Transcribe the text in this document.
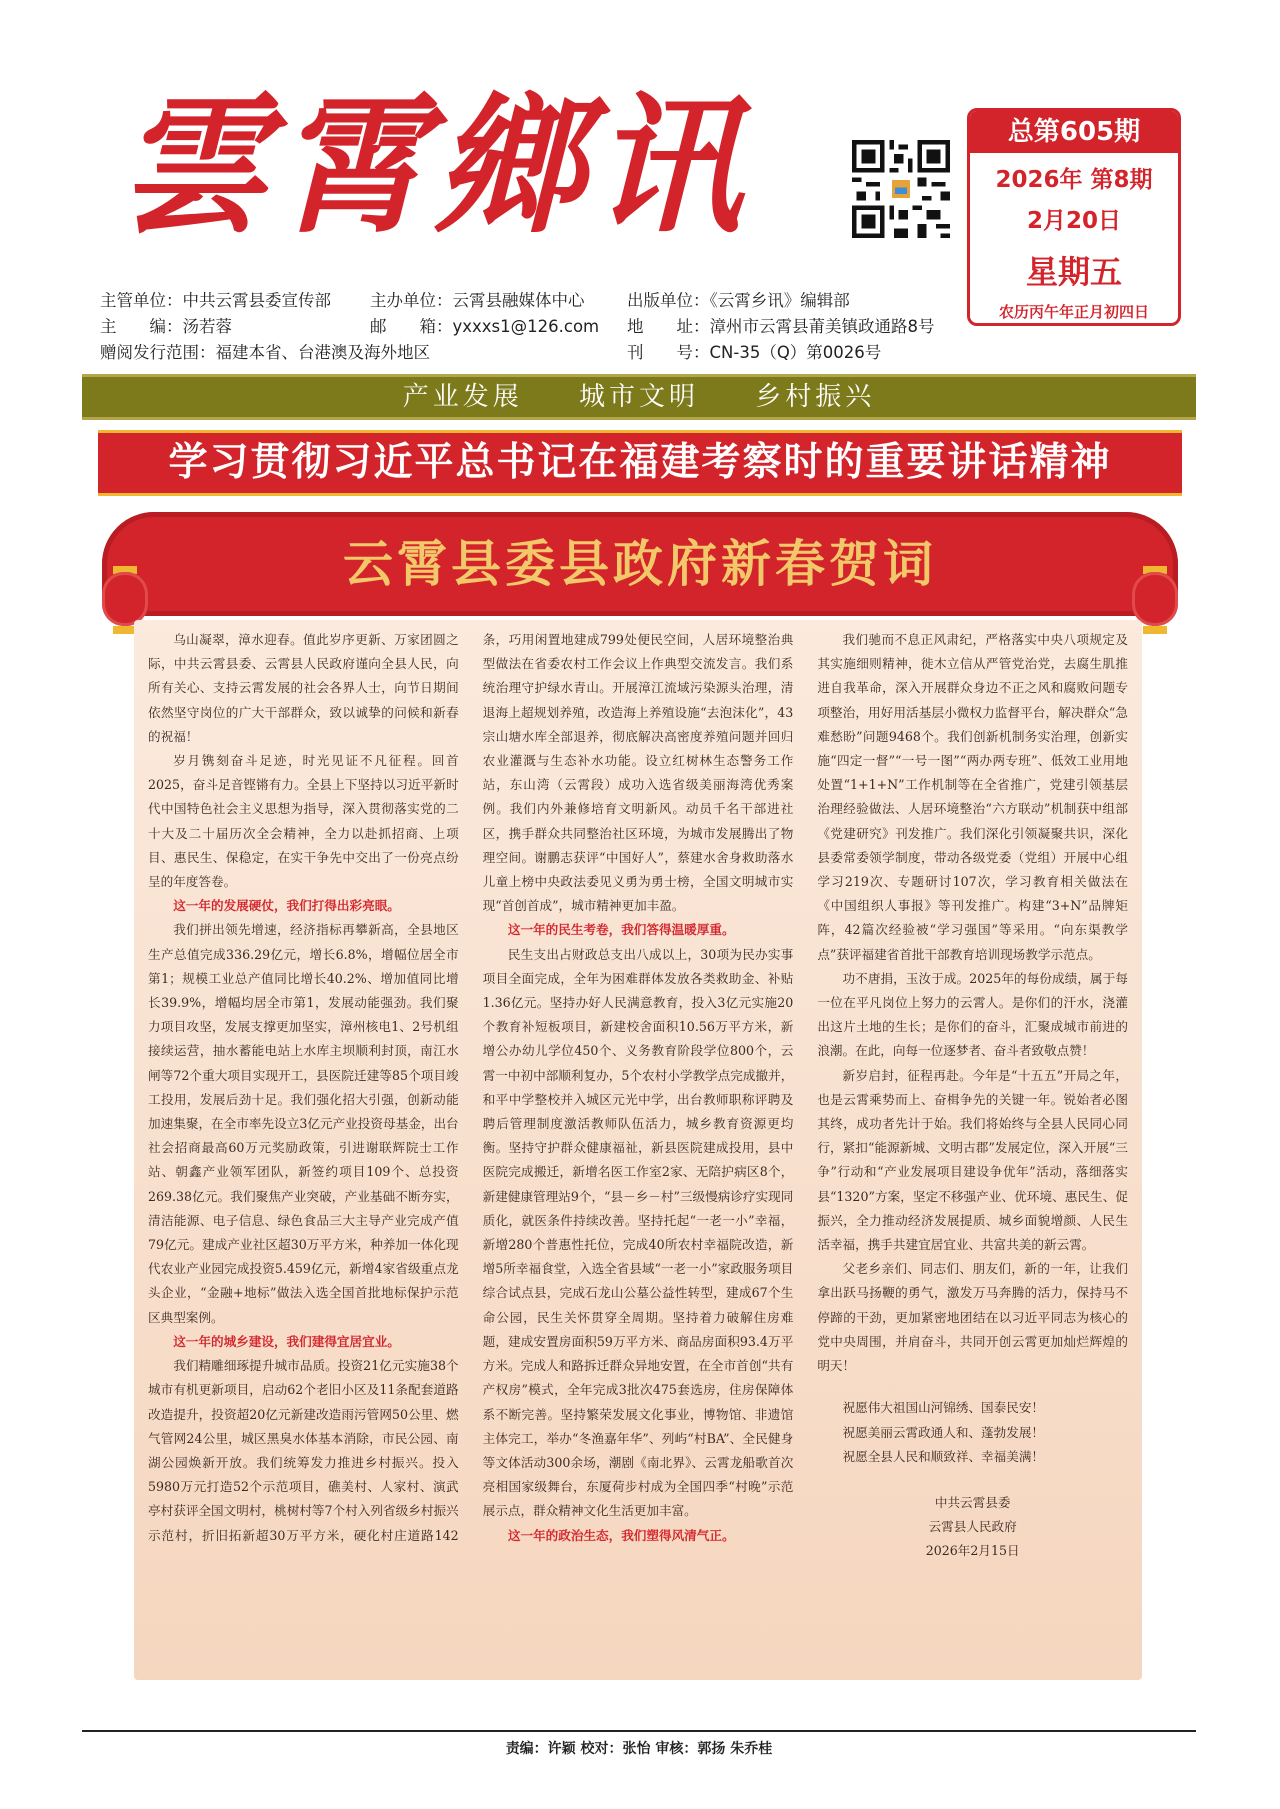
雲霄鄉讯	总第605期
2026年 第8期
2月20日
星期五
农历丙午年正月初四日
主管单位：中共云霄县委宣传部 主办单位：云霄县融媒体中心	出版单位：《云霄乡讯》编辑部
主　　编：汤若蓉	邮　　箱：yxxxs1@126.com 地　　址：漳州市云霄县莆美镇政通路8号
赠阅发行范围：福建本省、台港澳及海外地区	刊　　号：CN-35（Q）第0026号
产业发展 城市文明 乡村振兴
学习贯彻习近平总书记在福建考察时的重要讲话精神
云霄县委县政府新春贺词

乌山凝翠，漳水迎春。值此岁序更新、万家团圆之际，中共云霄县委、云霄县人民政府谨向全县人民，向所有关心、支持云霄发展的社会各界人士，向节日期间依然坚守岗位的广大干部群众，致以诚挚的问候和新春的祝福！

岁月镌刻奋斗足迹，时光见证不凡征程。回首2025，奋斗足音铿锵有力。全县上下坚持以习近平新时代中国特色社会主义思想为指导，深入贯彻落实党的二十大及二十届历次全会精神，全力以赴抓招商、上项目、惠民生、保稳定，在实干争先中交出了一份亮点纷呈的年度答卷。

这一年的发展硬仗，我们打得出彩亮眼。

我们拼出领先增速，经济指标再攀新高，全县地区生产总值完成336.29亿元，增长6.8%，增幅位居全市第1；规模工业总产值同比增长40.2%、增加值同比增长39.9%，增幅均居全市第1，发展动能强劲。我们聚力项目攻坚，发展支撑更加坚实，漳州核电1、2号机组接续运营，抽水蓄能电站上水库主坝顺利封顶，南江水闸等72个重大项目实现开工，县医院迁建等85个项目竣工投用，发展后劲十足。我们强化招大引强，创新动能加速集聚，在全市率先设立3亿元产业投资母基金，出台社会招商最高60万元奖励政策，引进谢联辉院士工作站、朝鑫产业领军团队，新签约项目109个、总投资269.38亿元。我们聚焦产业突破，产业基础不断夯实，清洁能源、电子信息、绿色食品三大主导产业完成产值79亿元。建成产业社区超30万平方米，种养加一体化现代农业产业园完成投资5.459亿元，新增4家省级重点龙头企业，“金融+地标”做法入选全国首批地标保护示范区典型案例。

这一年的城乡建设，我们建得宜居宜业。

我们精雕细琢提升城市品质。投资21亿元实施38个城市有机更新项目，启动62个老旧小区及11条配套道路改造提升，投资超20亿元新建改造雨污管网50公里、燃气管网24公里，城区黑臭水体基本消除，市民公园、南湖公园焕新开放。我们统筹发力推进乡村振兴。投入5980万元打造52个示范项目，礁美村、人家村、演武亭村获评全国文明村，桃树村等7个村入列省级乡村振兴示范村，折旧拓新超30万平方米，硬化村庄道路142条，巧用闲置地建成799处便民空间，人居环境整治典型做法在省委农村工作会议上作典型交流发言。我们系统治理守护绿水青山。开展漳江流域污染源头治理，清退海上超规划养殖，改造海上养殖设施“去泡沫化”，43宗山塘水库全部退养，彻底解决高密度养殖问题并回归农业灌溉与生态补水功能。设立红树林生态警务工作站，东山湾（云霄段）成功入选省级美丽海湾优秀案例。我们内外兼修培育文明新风。动员千名干部进社区，携手群众共同整治社区环境，为城市发展腾出了物理空间。谢鹏志获评“中国好人”，蔡建水舍身救助落水儿童上榜中央政法委见义勇为勇士榜，全国文明城市实现“首创首成”，城市精神更加丰盈。

这一年的民生考卷，我们答得温暖厚重。

民生支出占财政总支出八成以上，30项为民办实事项目全面完成，全年为困难群体发放各类救助金、补贴1.36亿元。坚持办好人民满意教育，投入3亿元实施20个教育补短板项目，新建校舍面积10.56万平方米，新增公办幼儿学位450个、义务教育阶段学位800个，云霄一中初中部顺利复办，5个农村小学教学点完成撤并，和平中学整校并入城区元光中学，出台教师职称评聘及聘后管理制度激活教师队伍活力，城乡教育资源更均衡。坚持守护群众健康福祉，新县医院建成投用，县中医院完成搬迁，新增名医工作室2家、无陪护病区8个，新建健康管理站9个，“县－乡－村”三级慢病诊疗实现同质化，就医条件持续改善。坚持托起“一老一小”幸福，新增280个普惠性托位，完成40所农村幸福院改造，新增5所幸福食堂，入选全省县域“一老一小”家政服务项目综合试点县，完成石龙山公墓公益性转型，建成67个生命公园，民生关怀贯穿全周期。坚持着力破解住房难题，建成安置房面积59万平方米、商品房面积93.4万平方米。完成人和路拆迁群众异地安置，在全市首创“共有产权房”模式，全年完成3批次475套选房，住房保障体系不断完善。坚持繁荣发展文化事业，博物馆、非遗馆主体完工，举办“冬渔嘉年华”、列屿“村BA”、全民健身等文体活动300余场，潮剧《南北界》、云霄龙船歌首次亮相国家级舞台，东厦荷步村成为全国四季“村晚”示范展示点，群众精神文化生活更加丰富。

这一年的政治生态，我们塑得风清气正。

我们驰而不息正风肃纪，严格落实中央八项规定及其实施细则精神，徙木立信从严管党治党，去腐生肌推进自我革命，深入开展群众身边不正之风和腐败问题专项整治，用好用活基层小微权力监督平台，解决群众“急难愁盼”问题9468个。我们创新机制务实治理，创新实施“四定一督”“一号一图”“两办两专班”、低效工业用地处置“1+1+N”工作机制等在全省推广，党建引领基层治理经验做法、人居环境整治“六方联动”机制获中组部《党建研究》刊发推广。我们深化引领凝聚共识，深化县委常委领学制度，带动各级党委（党组）开展中心组学习219次、专题研讨107次，学习教育相关做法在《中国组织人事报》等刊发推广。构建“3+N”品牌矩阵，42篇次经验被“学习强国”等采用。“向东渠教学点”获评福建省首批干部教育培训现场教学示范点。

功不唐捐，玉汝于成。2025年的每份成绩，属于每一位在平凡岗位上努力的云霄人。是你们的汗水，浇灌出这片土地的生长；是你们的奋斗，汇聚成城市前进的浪潮。在此，向每一位逐梦者、奋斗者致敬点赞！

新岁启封，征程再赴。今年是“十五五”开局之年，也是云霄乘势而上、奋楫争先的关键一年。锐始者必图其终，成功者先计于始。我们将始终与全县人民同心同行，紧扣“能源新城、文明古郡”发展定位，深入开展“三争”行动和“产业发展项目建设争优年”活动，落细落实县“1320”方案，坚定不移强产业、优环境、惠民生、促振兴，全力推动经济发展提质、城乡面貌增颜、人民生活幸福，携手共建宜居宜业、共富共美的新云霄。

父老乡亲们、同志们、朋友们，新的一年，让我们拿出跃马扬鞭的勇气，激发万马奔腾的活力，保持马不停蹄的干劲，更加紧密地团结在以习近平同志为核心的党中央周围，并肩奋斗，共同开创云霄更加灿烂辉煌的明天！

祝愿伟大祖国山河锦绣、国泰民安！

祝愿美丽云霄政通人和、蓬勃发展！

祝愿全县人民和顺致祥、幸福美满！

中共云霄县委

云霄县人民政府

2026年2月15日

责编：许颖 校对：张怡 审核：郭扬 朱乔桂
